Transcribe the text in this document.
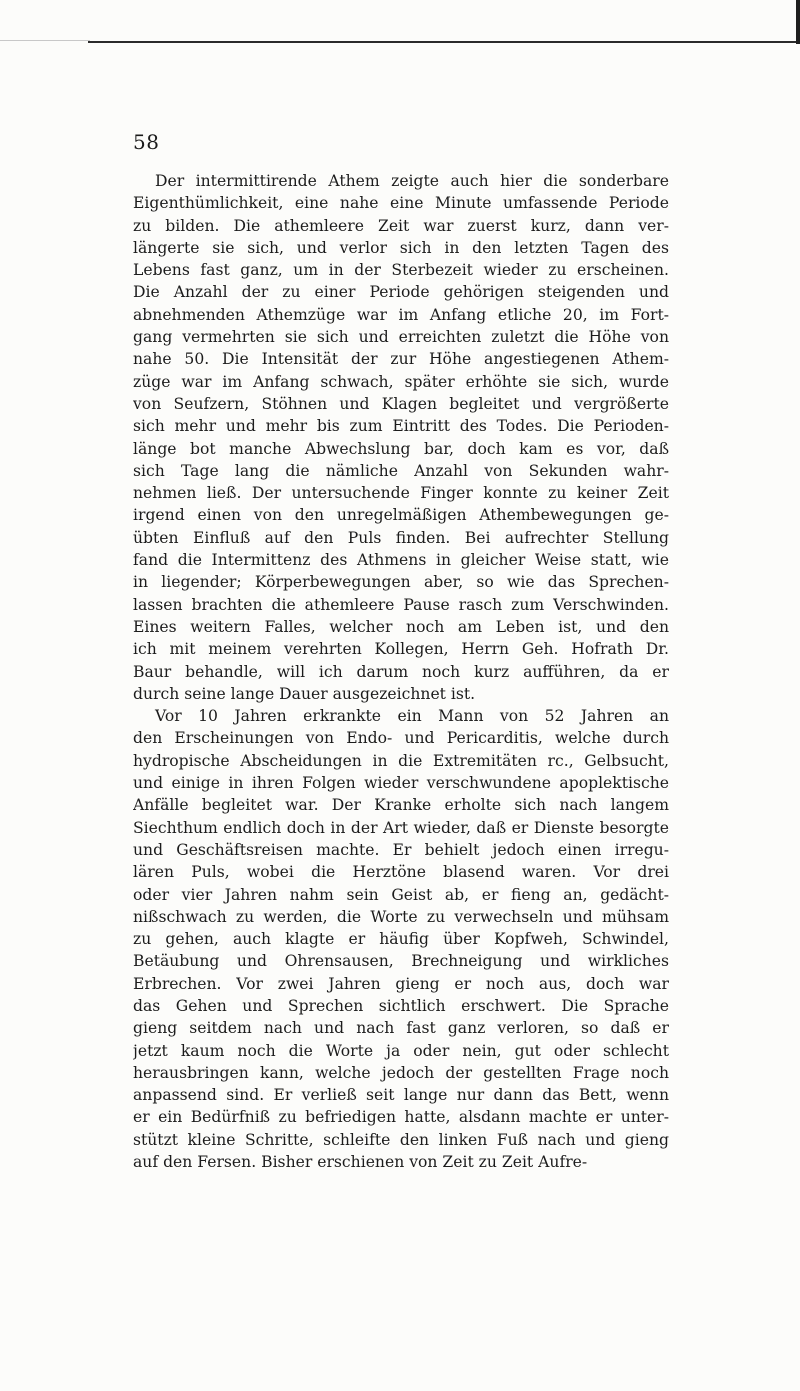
58
Der intermittirende Athem zeigte auch hier die sonderbare
Eigenthümlichkeit, eine nahe eine Minute umfassende Periode
zu bilden. Die athemleere Zeit war zuerst kurz, dann ver-
längerte sie sich, und verlor sich in den letzten Tagen des
Lebens fast ganz, um in der Sterbezeit wieder zu erscheinen.
Die Anzahl der zu einer Periode gehörigen steigenden und
abnehmenden Athemzüge war im Anfang etliche 20, im Fort-
gang vermehrten sie sich und erreichten zuletzt die Höhe von
nahe 50. Die Intensität der zur Höhe angestiegenen Athem-
züge war im Anfang schwach, später erhöhte sie sich, wurde
von Seufzern, Stöhnen und Klagen begleitet und vergrößerte
sich mehr und mehr bis zum Eintritt des Todes. Die Perioden-
länge bot manche Abwechslung bar, doch kam es vor, daß
sich Tage lang die nämliche Anzahl von Sekunden wahr-
nehmen ließ. Der untersuchende Finger konnte zu keiner Zeit
irgend einen von den unregelmäßigen Athembewegungen ge-
übten Einfluß auf den Puls finden. Bei aufrechter Stellung
fand die Intermittenz des Athmens in gleicher Weise statt, wie
in liegender; Körperbewegungen aber, so wie das Sprechen-
lassen brachten die athemleere Pause rasch zum Verschwinden.
Eines weitern Falles, welcher noch am Leben ist, und den
ich mit meinem verehrten Kollegen, Herrn Geh. Hofrath Dr.
Baur behandle, will ich darum noch kurz aufführen, da er
durch seine lange Dauer ausgezeichnet ist.
Vor 10 Jahren erkrankte ein Mann von 52 Jahren an
den Erscheinungen von Endo- und Pericarditis, welche durch
hydropische Abscheidungen in die Extremitäten rc., Gelbsucht,
und einige in ihren Folgen wieder verschwundene apoplektische
Anfälle begleitet war. Der Kranke erholte sich nach langem
Siechthum endlich doch in der Art wieder, daß er Dienste besorgte
und Geschäftsreisen machte. Er behielt jedoch einen irregu-
lären Puls, wobei die Herztöne blasend waren. Vor drei
oder vier Jahren nahm sein Geist ab, er fieng an, gedächt-
nißschwach zu werden, die Worte zu verwechseln und mühsam
zu gehen, auch klagte er häufig über Kopfweh, Schwindel,
Betäubung und Ohrensausen, Brechneigung und wirkliches
Erbrechen. Vor zwei Jahren gieng er noch aus, doch war
das Gehen und Sprechen sichtlich erschwert. Die Sprache
gieng seitdem nach und nach fast ganz verloren, so daß er
jetzt kaum noch die Worte ja oder nein, gut oder schlecht
herausbringen kann, welche jedoch der gestellten Frage noch
anpassend sind. Er verließ seit lange nur dann das Bett, wenn
er ein Bedürfniß zu befriedigen hatte, alsdann machte er unter-
stützt kleine Schritte, schleifte den linken Fuß nach und gieng
auf den Fersen. Bisher erschienen von Zeit zu Zeit Aufre-
